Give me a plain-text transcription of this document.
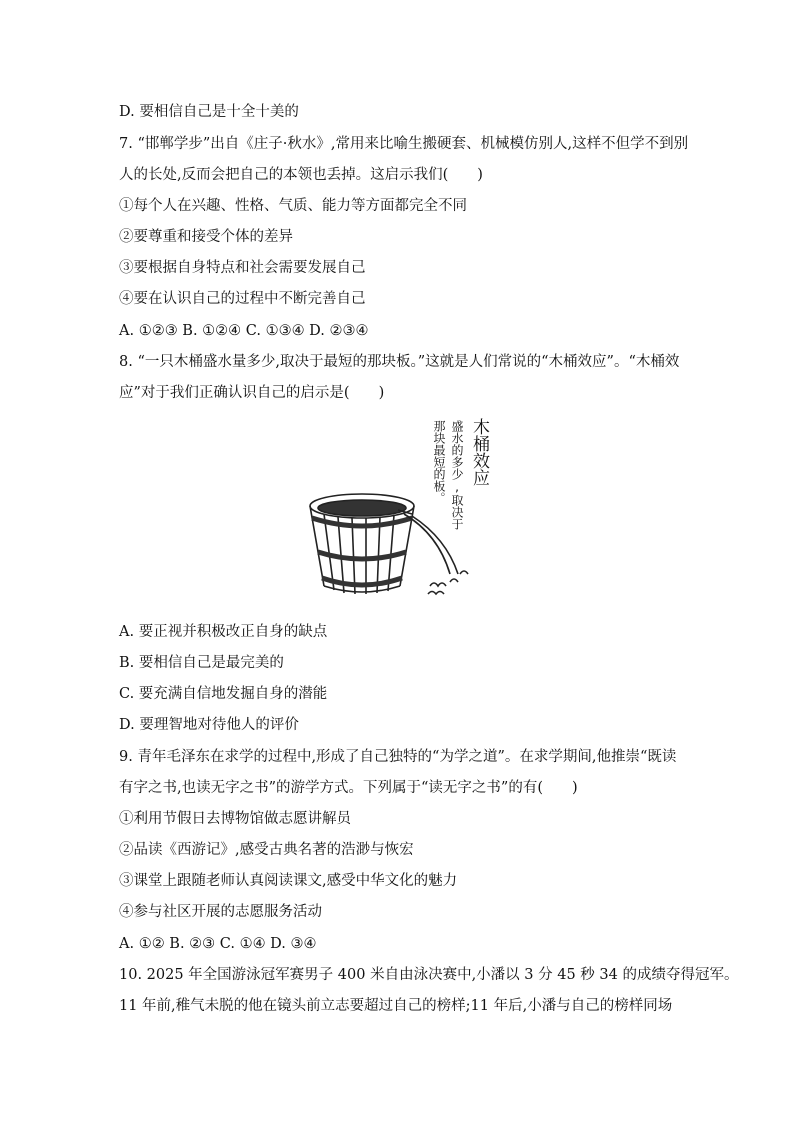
D. 要相信自己是十全十美的
7. “邯郸学步”出自《庄子·秋水》,常用来比喻生搬硬套、机械模仿别人,这样不但学不到别
人的长处,反而会把自己的本领也丢掉。这启示我们(　　)
①每个人在兴趣、性格、气质、能力等方面都完全不同
②要尊重和接受个体的差异
③要根据自身特点和社会需要发展自己
④要在认识自己的过程中不断完善自己
A. ①②③ B. ①②④ C. ①③④ D. ②③④
8. “一只木桶盛水量多少,取决于最短的那块板。”这就是人们常说的“木桶效应”。“木桶效
应”对于我们正确认识自己的启示是(　　)
木桶效应
盛水的多少,取决于
那块最短的板。
A. 要正视并积极改正自身的缺点
B. 要相信自己是最完美的
C. 要充满自信地发掘自身的潜能
D. 要理智地对待他人的评价
9. 青年毛泽东在求学的过程中,形成了自己独特的“为学之道”。在求学期间,他推崇“既读
有字之书,也读无字之书”的游学方式。下列属于“读无字之书”的有(　　)
①利用节假日去博物馆做志愿讲解员
②品读《西游记》,感受古典名著的浩渺与恢宏
③课堂上跟随老师认真阅读课文,感受中华文化的魅力
④参与社区开展的志愿服务活动
A. ①② B. ②③ C. ①④ D. ③④
10. 2025 年全国游泳冠军赛男子 400 米自由泳决赛中,小潘以 3 分 45 秒 34 的成绩夺得冠军。
11 年前,稚气未脱的他在镜头前立志要超过自己的榜样;11 年后,小潘与自己的榜样同场
